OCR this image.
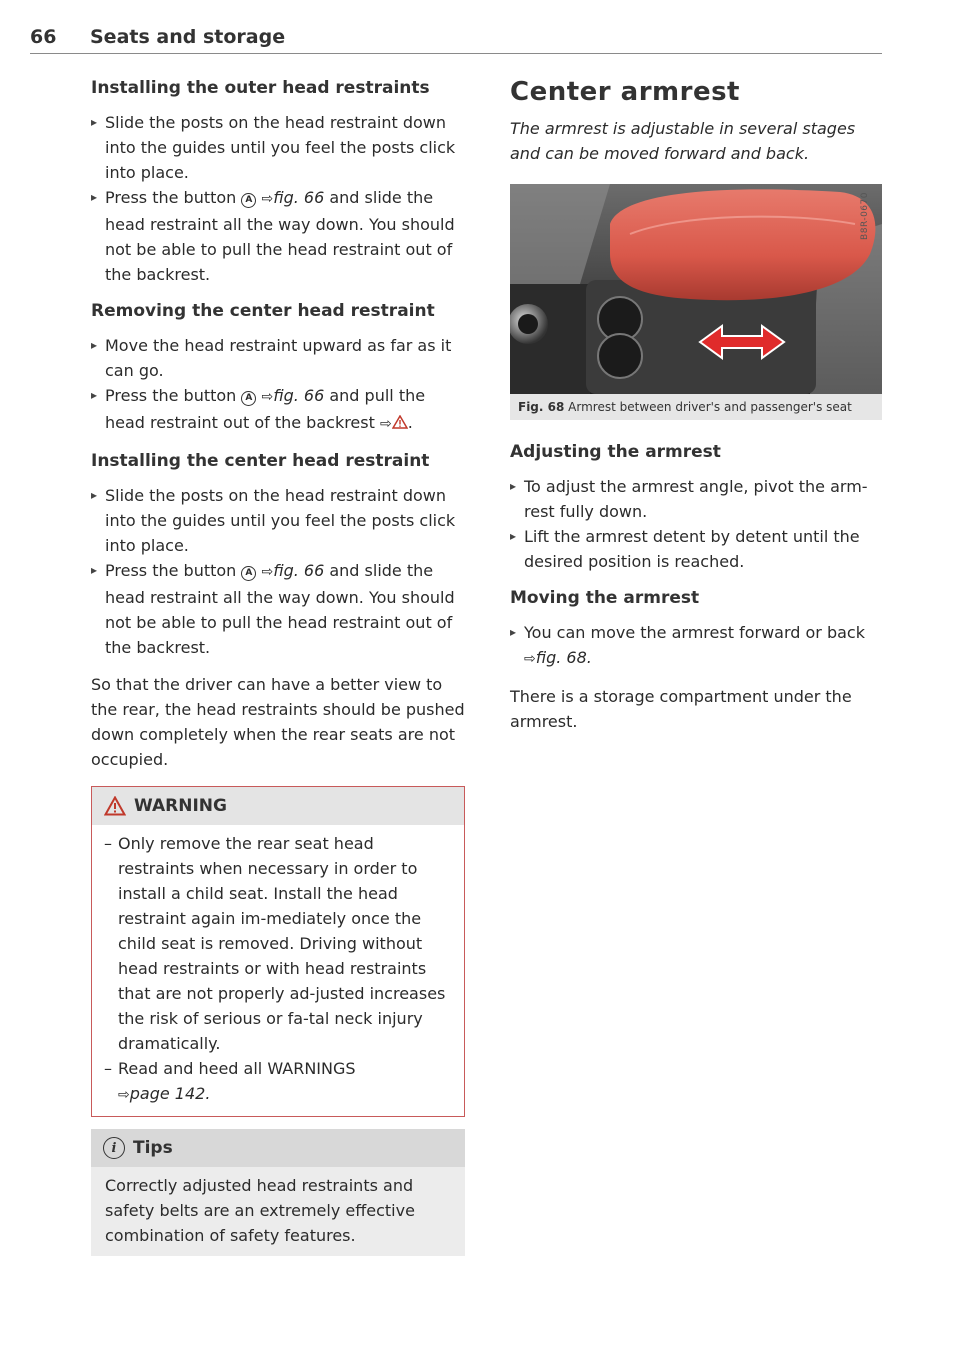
66 Seats and storage
Installing the outer head restraints
▸ Slide the posts on the head restraint down into the guides until you feel the posts click into place.
▸ Press the button A ⇨fig. 66 and slide the head restraint all the way down. You should not be able to pull the head restraint out of the backrest.
Removing the center head restraint
▸ Move the head restraint upward as far as it can go.
▸ Press the button A ⇨fig. 66 and pull the head restraint out of the backrest ⇨ .
Installing the center head restraint
▸ Slide the posts on the head restraint down into the guides until you feel the posts click into place.
▸ Press the button A ⇨fig. 66 and slide the head restraint all the way down. You should not be able to pull the head restraint out of the backrest.

So that the driver can have a better view to the rear, the head restraints should be pushed down completely when the rear seats are not occupied.

WARNING
– Only remove the rear seat head restraints when necessary in order to install a child seat. Install the head restraint again im-mediately once the child seat is removed. Driving without head restraints or with head restraints that are not properly ad-justed increases the risk of serious or fa-tal neck injury dramatically.
– Read and heed all WARNINGS
⇨page 142.
i Tips
Correctly adjusted head restraints and safety belts are an extremely effective combination of safety features.
Center armrest

The armrest is adjustable in several stages and can be moved forward and back.

B8R-0670
Fig. 68 Armrest between driver's and passenger's seat
Adjusting the armrest
▸ To adjust the armrest angle, pivot the arm-rest fully down.
▸ Lift the armrest detent by detent until the desired position is reached.
Moving the armrest
▸ You can move the armrest forward or back
⇨fig. 68.

There is a storage compartment under the armrest.
